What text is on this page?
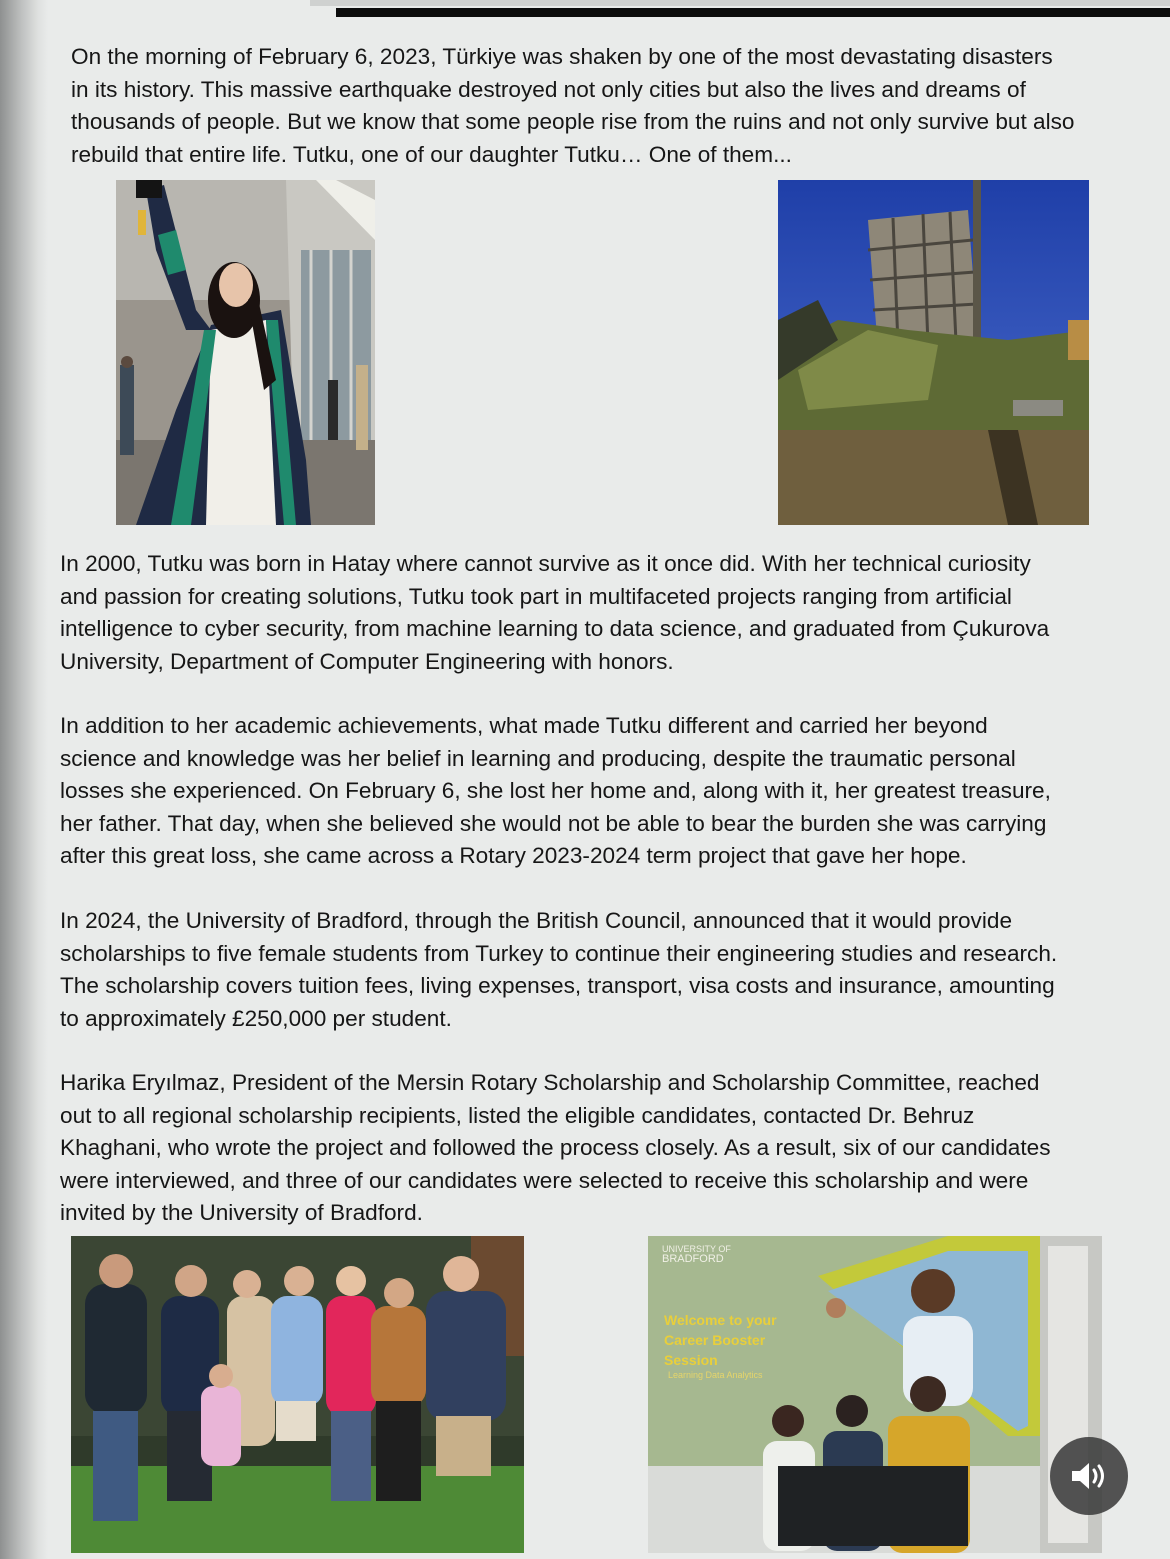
On the morning of February 6, 2023, Türkiye was shaken by one of the most devastating disasters
in its history. This massive earthquake destroyed not only cities but also the lives and dreams of
thousands of people. But we know that some people rise from the ruins and not only survive but also
rebuild that entire life. Tutku, one of our daughter Tutku… One of them...

In 2000, Tutku was born in Hatay where cannot survive as it once did. With her technical curiosity
and passion for creating solutions, Tutku took part in multifaceted projects ranging from artificial
intelligence to cyber security, from machine learning to data science, and graduated from Çukurova
University, Department of Computer Engineering with honors.

In addition to her academic achievements, what made Tutku different and carried her beyond
science and knowledge was her belief in learning and producing, despite the traumatic personal
losses she experienced. On February 6, she lost her home and, along with it, her greatest treasure,
her father. That day, when she believed she would not be able to bear the burden she was carrying
after this great loss, she came across a Rotary 2023-2024 term project that gave her hope.

In 2024, the University of Bradford, through the British Council, announced that it would provide
scholarships to five female students from Turkey to continue their engineering studies and research.
The scholarship covers tuition fees, living expenses, transport, visa costs and insurance, amounting
to approximately £250,000 per student.

Harika Eryılmaz, President of the Mersin Rotary Scholarship and Scholarship Committee, reached
out to all regional scholarship recipients, listed the eligible candidates, contacted Dr. Behruz
Khaghani, who wrote the project and followed the process closely. As a result, six of our candidates
were interviewed, and three of our candidates were selected to receive this scholarship and were
invited by the University of Bradford.

UNIVERSITY OF
BRADFORD
Welcome to your
Career Booster
Session
Learning Data Analytics
